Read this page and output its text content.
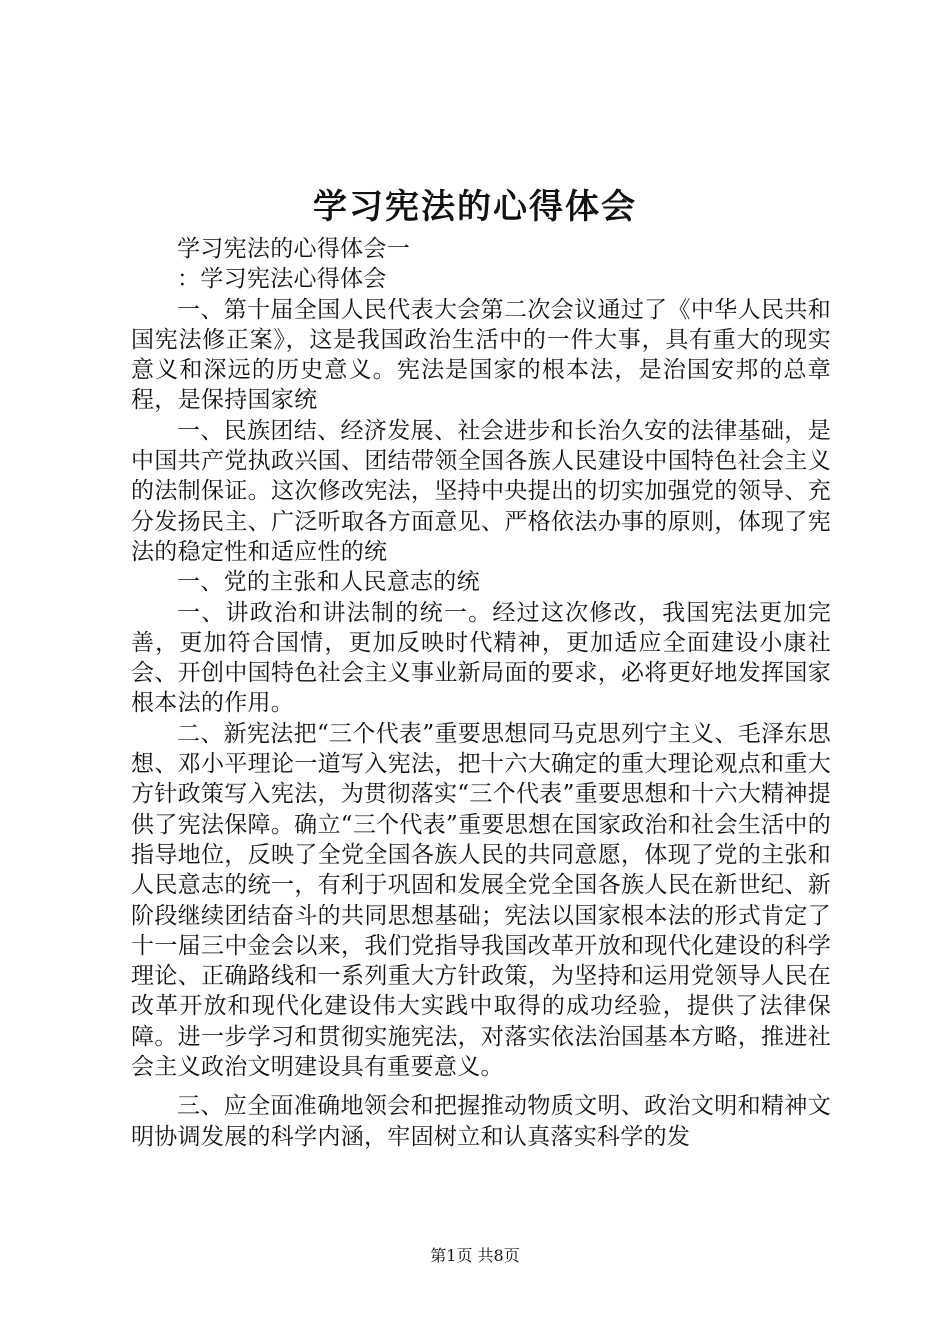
学习宪法的心得体会

学习宪法的心得体会一

：学习宪法心得体会

一、第十届全国人民代表大会第二次会议通过了《中华人民共和国宪法修正案》，这是我国政治生活中的一件大事，具有重大的现实意义和深远的历史意义。宪法是国家的根本法，是治国安邦的总章程，是保持国家统

一、民族团结、经济发展、社会进步和长治久安的法律基础，是中国共产党执政兴国、团结带领全国各族人民建设中国特色社会主义的法制保证。这次修改宪法，坚持中央提出的切实加强党的领导、充分发扬民主、广泛听取各方面意见、严格依法办事的原则，体现了宪法的稳定性和适应性的统

一、党的主张和人民意志的统

一、讲政治和讲法制的统一。经过这次修改，我国宪法更加完善，更加符合国情，更加反映时代精神，更加适应全面建设小康社会、开创中国特色社会主义事业新局面的要求，必将更好地发挥国家根本法的作用。

二、新宪法把“三个代表”重要思想同马克思列宁主义、毛泽东思想、邓小平理论一道写入宪法，把十六大确定的重大理论观点和重大方针政策写入宪法，为贯彻落实“三个代表”重要思想和十六大精神提供了宪法保障。确立“三个代表”重要思想在国家政治和社会生活中的指导地位，反映了全党全国各族人民的共同意愿，体现了党的主张和人民意志的统一，有利于巩固和发展全党全国各族人民在新世纪、新阶段继续团结奋斗的共同思想基础；宪法以国家根本法的形式肯定了十一届三中金会以来，我们党指导我国改革开放和现代化建设的科学理论、正确路线和一系列重大方针政策，为坚持和运用党领导人民在改革开放和现代化建设伟大实践中取得的成功经验，提供了法律保障。进一步学习和贯彻实施宪法，对落实依法治国基本方略，推进社会主义政治文明建设具有重要意义。

三、应全面准确地领会和把握推动物质文明、政治文明和精神文明协调发展的科学内涵，牢固树立和认真落实科学的发

第1页 共8页
